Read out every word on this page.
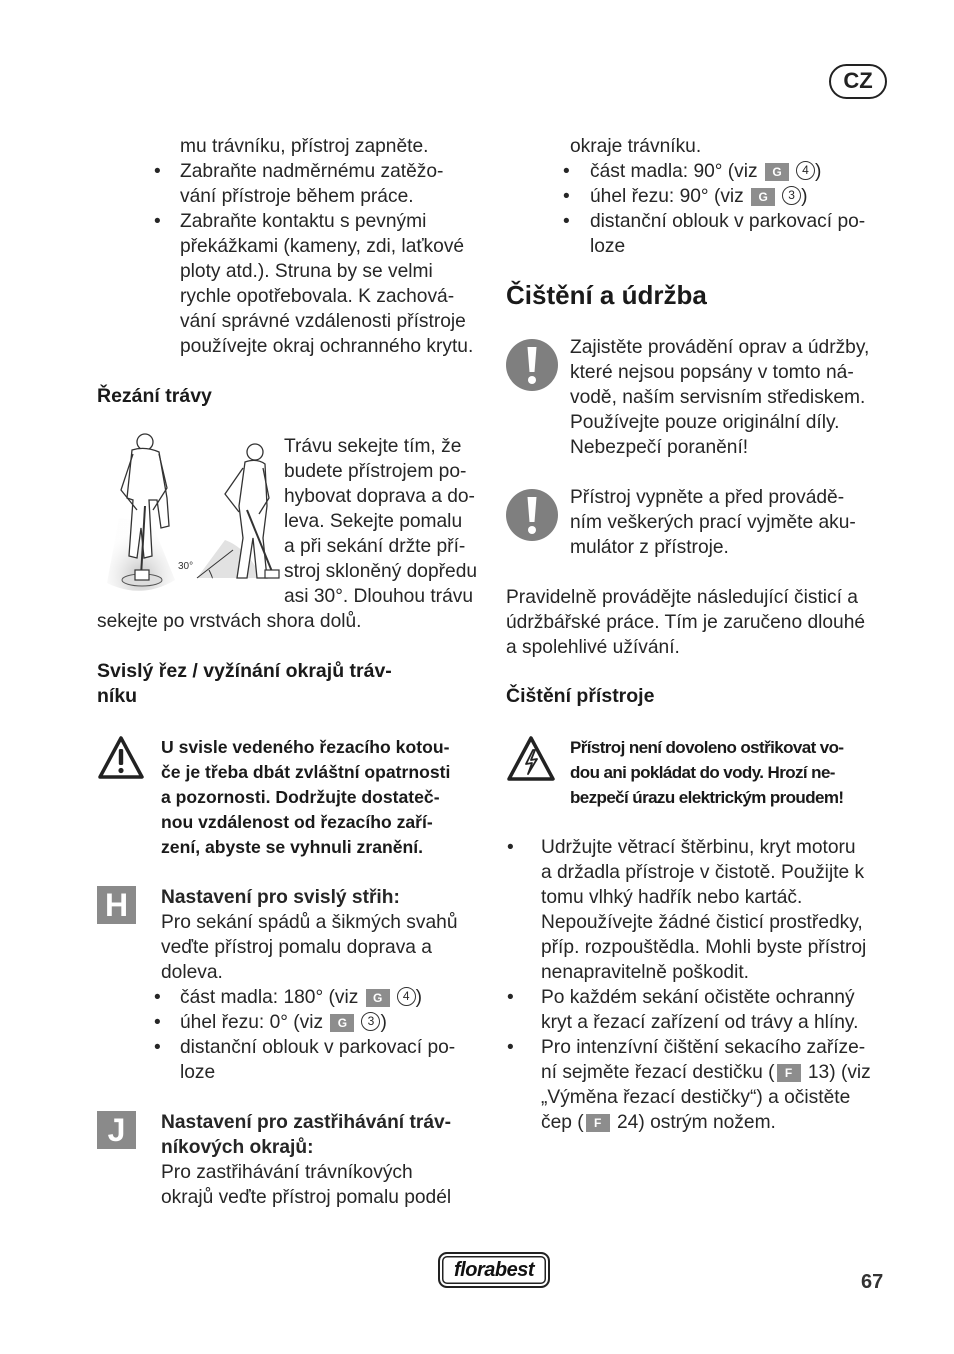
CZ
mu trávníku, přístroj zapněte.
• Zabraňte nadměrnému zatěžo-
vání přístroje během práce.
• Zabraňte kontaktu s pevnými
překážkami (kameny, zdi, laťkové
ploty atd.). Struna by se velmi
rychle opotřebovala. K zachová-
vání správné vzdálenosti přístroje
používejte okraj ochranného krytu.
Řezání trávy
30°
Trávu sekejte tím, že
budete přístrojem po-
hybovat doprava a do-
leva. Sekejte pomalu
a při sekání držte pří-
stroj skloněný dopředu
asi 30°. Dlouhou trávu
sekejte po vrstvách shora dolů.
Svislý řez / vyžínání okrajů tráv-
níku
U svisle vedeného řezacího kotou-
če je třeba dbát zvláštní opatrnosti
a pozornosti. Dodržujte dostateč-
nou vzdálenost od řezacího zaří-
zení, abyste se vyhnuli zranění.
H	Nastavení pro svislý střih:
Pro sekání spádů a šikmých svahů
veďte přístroj pomalu doprava a
doleva.
• část madla: 180° (viz G 4 )
• úhel řezu: 0° (viz G 3 )
• distanční oblouk v parkovací po-
loze
J	Nastavení pro zastřihávání tráv-
níkových okrajů:
Pro zastřihávání trávníkových
okrajů veďte přístroj pomalu podél
okraje trávníku.
• část madla: 90° (viz G 4 )
• úhel řezu: 90° (viz G 3 )
• distanční oblouk v parkovací po-
loze
Čištění a údržba
Zajistěte provádění oprav a údržby,
které nejsou popsány v tomto ná-
vodě, naším servisním střediskem.
Používejte pouze originální díly.
Nebezpečí poranění!
Přístroj vypněte a před provádě-
ním veškerých prací vyjměte aku-
mulátor z přístroje.
Pravidelně provádějte následující čisticí a
údržbářské práce. Tím je zaručeno dlouhé
a spolehlivé užívání.
Čištění přístroje
Přístroj není dovoleno ostřikovat vo-
dou ani pokládat do vody. Hrozí ne-
bezpečí úrazu elektrickým proudem!
• Udržujte větrací štěrbinu, kryt motoru
a držadla přístroje v čistotě. Použijte k
tomu vlhký hadřík nebo kartáč.
Nepoužívejte žádné čisticí prostředky,
příp. rozpouštědla. Mohli byste přístroj
nenapravitelně poškodit.
• Po každém sekání očistěte ochranný
kryt a řezací zařízení od trávy a hlíny.
• Pro intenzívní čištění sekacího zaříze-
ní sejměte řezací destičku ( F 13) (viz
„Výměna řezací destičky“) a očistěte
čep ( F 24) ostrým nožem.
florabest
67
